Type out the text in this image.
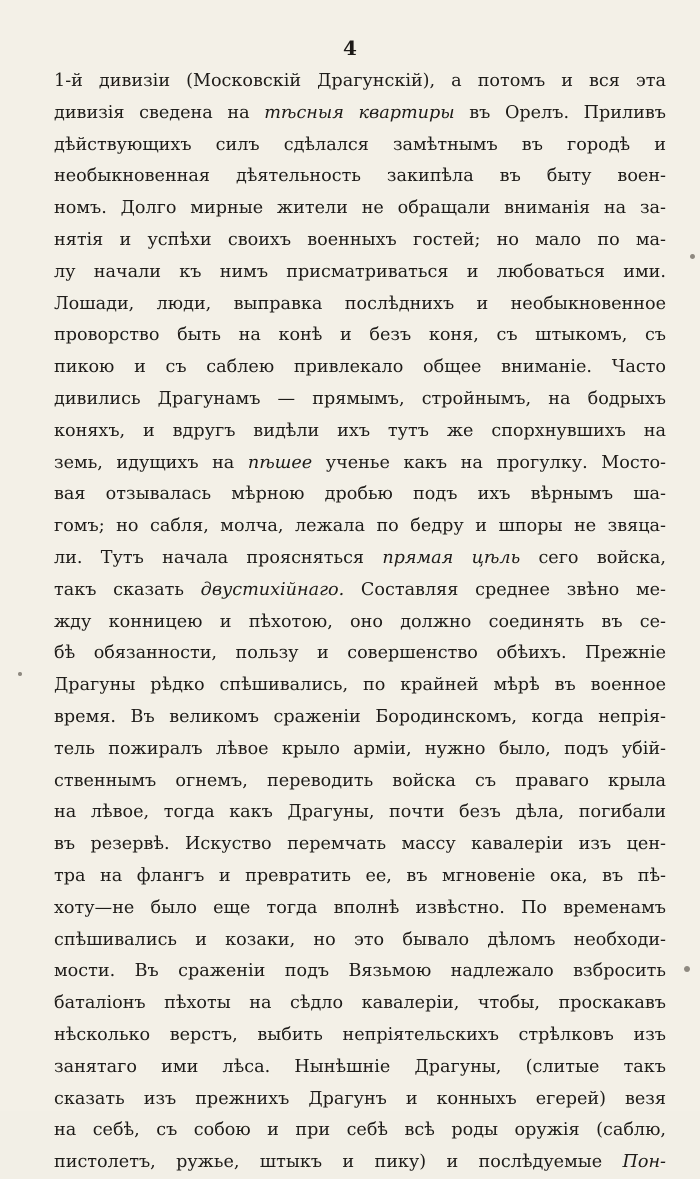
4
1-й дивизіи (Московскій Драгунскій), а потомъ и вся эта
дивизія сведена на тѣсныя квартиры въ Орелъ. Приливъ
дѣйствующихъ силъ сдѣлался замѣтнымъ въ городѣ и
необыкновенная дѣятельность закипѣла въ быту воен-
номъ. Долго мирные жители не обращали вниманія на за-
нятія и успѣхи своихъ военныхъ гостей; но мало по ма-
лу начали къ нимъ присматриваться и любоваться ими.
Лошади, люди, выправка послѣднихъ и необыкновенное
проворство быть на конѣ и безъ коня, съ штыкомъ, съ
пикою и съ саблею привлекало общее вниманіе. Часто
дивились Драгунамъ — прямымъ, стройнымъ, на бодрыхъ
коняхъ, и вдругъ видѣли ихъ тутъ же спорхнувшихъ на
земь, идущихъ на пѣшее ученье какъ на прогулку. Мосто-
вая отзывалась мѣрною дробью подъ ихъ вѣрнымъ ша-
гомъ; но сабля, молча, лежала по бедру и шпоры не звяца-
ли. Тутъ начала проясняться прямая цѣль сего войска,
такъ сказать двустихійнаго. Составляя среднее звѣно ме-
жду конницею и пѣхотою, оно должно соединять въ се-
бѣ обязанности, пользу и совершенство обѣихъ. Прежніе
Драгуны рѣдко спѣшивались, по крайней мѣрѣ въ военное
время. Въ великомъ сраженіи Бородинскомъ, когда непрія-
тель пожиралъ лѣвое крыло арміи, нужно было, подъ убій-
ственнымъ огнемъ, переводить войска съ праваго крыла
на лѣвое, тогда какъ Драгуны, почти безъ дѣла, погибали
въ резервѣ. Искуство перемчать массу кавалеріи изъ цен-
тра на флангъ и превратить ее, въ мгновеніе ока, въ пѣ-
хоту—не было еще тогда вполнѣ извѣстно. По временамъ
спѣшивались и козаки, но это бывало дѣломъ необходи-
мости. Въ сраженіи подъ Вязьмою надлежало взбросить
баталіонъ пѣхоты на сѣдло кавалеріи, чтобы, проскакавъ
нѣсколько верстъ, выбить непріятельскихъ стрѣлковъ изъ
занятаго ими лѣса. Нынѣшніе Драгуны, (слитые такъ
сказать изъ прежнихъ Драгунъ и конныхъ егерей) везя
на себѣ, съ собою и при себѣ всѣ роды оружія (саблю,
пистолетъ, ружье, штыкъ и пику) и послѣдуемые Пон-
